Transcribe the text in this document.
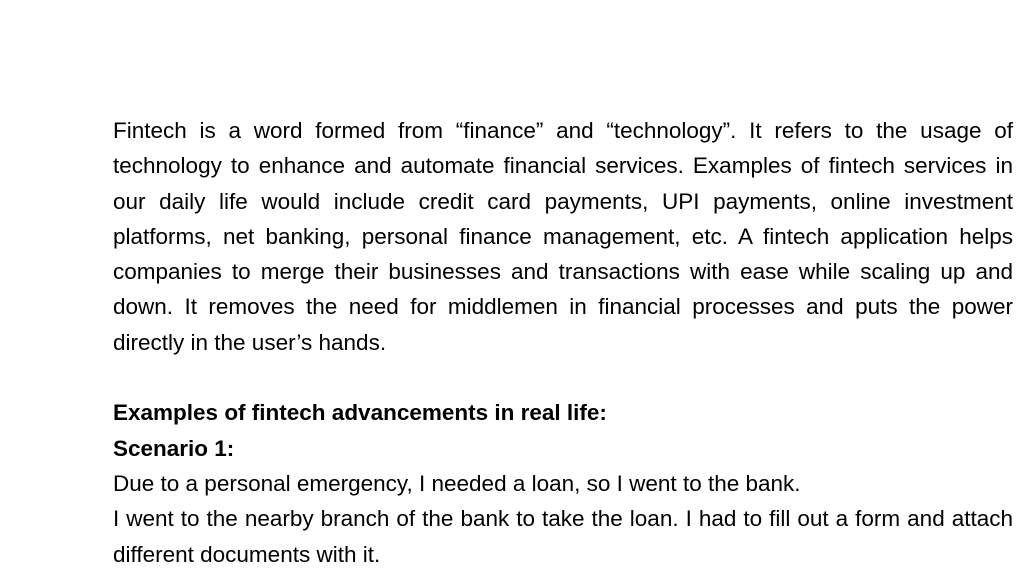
Fintech is a word formed from “finance” and “technology”. It refers to the usage of technology to enhance and automate financial services. Examples of fintech services in our daily life would include credit card payments, UPI payments, online investment platforms, net banking, personal finance management, etc. A fintech application helps companies to merge their businesses and transactions with ease while scaling up and down. It removes the need for middlemen in financial processes and puts the power directly in the user’s hands.

Examples of fintech advancements in real life:

Scenario 1:

Due to a personal emergency, I needed a loan, so I went to the bank.

I went to the nearby branch of the bank to take the loan. I had to fill out a form and attach different documents with it.
